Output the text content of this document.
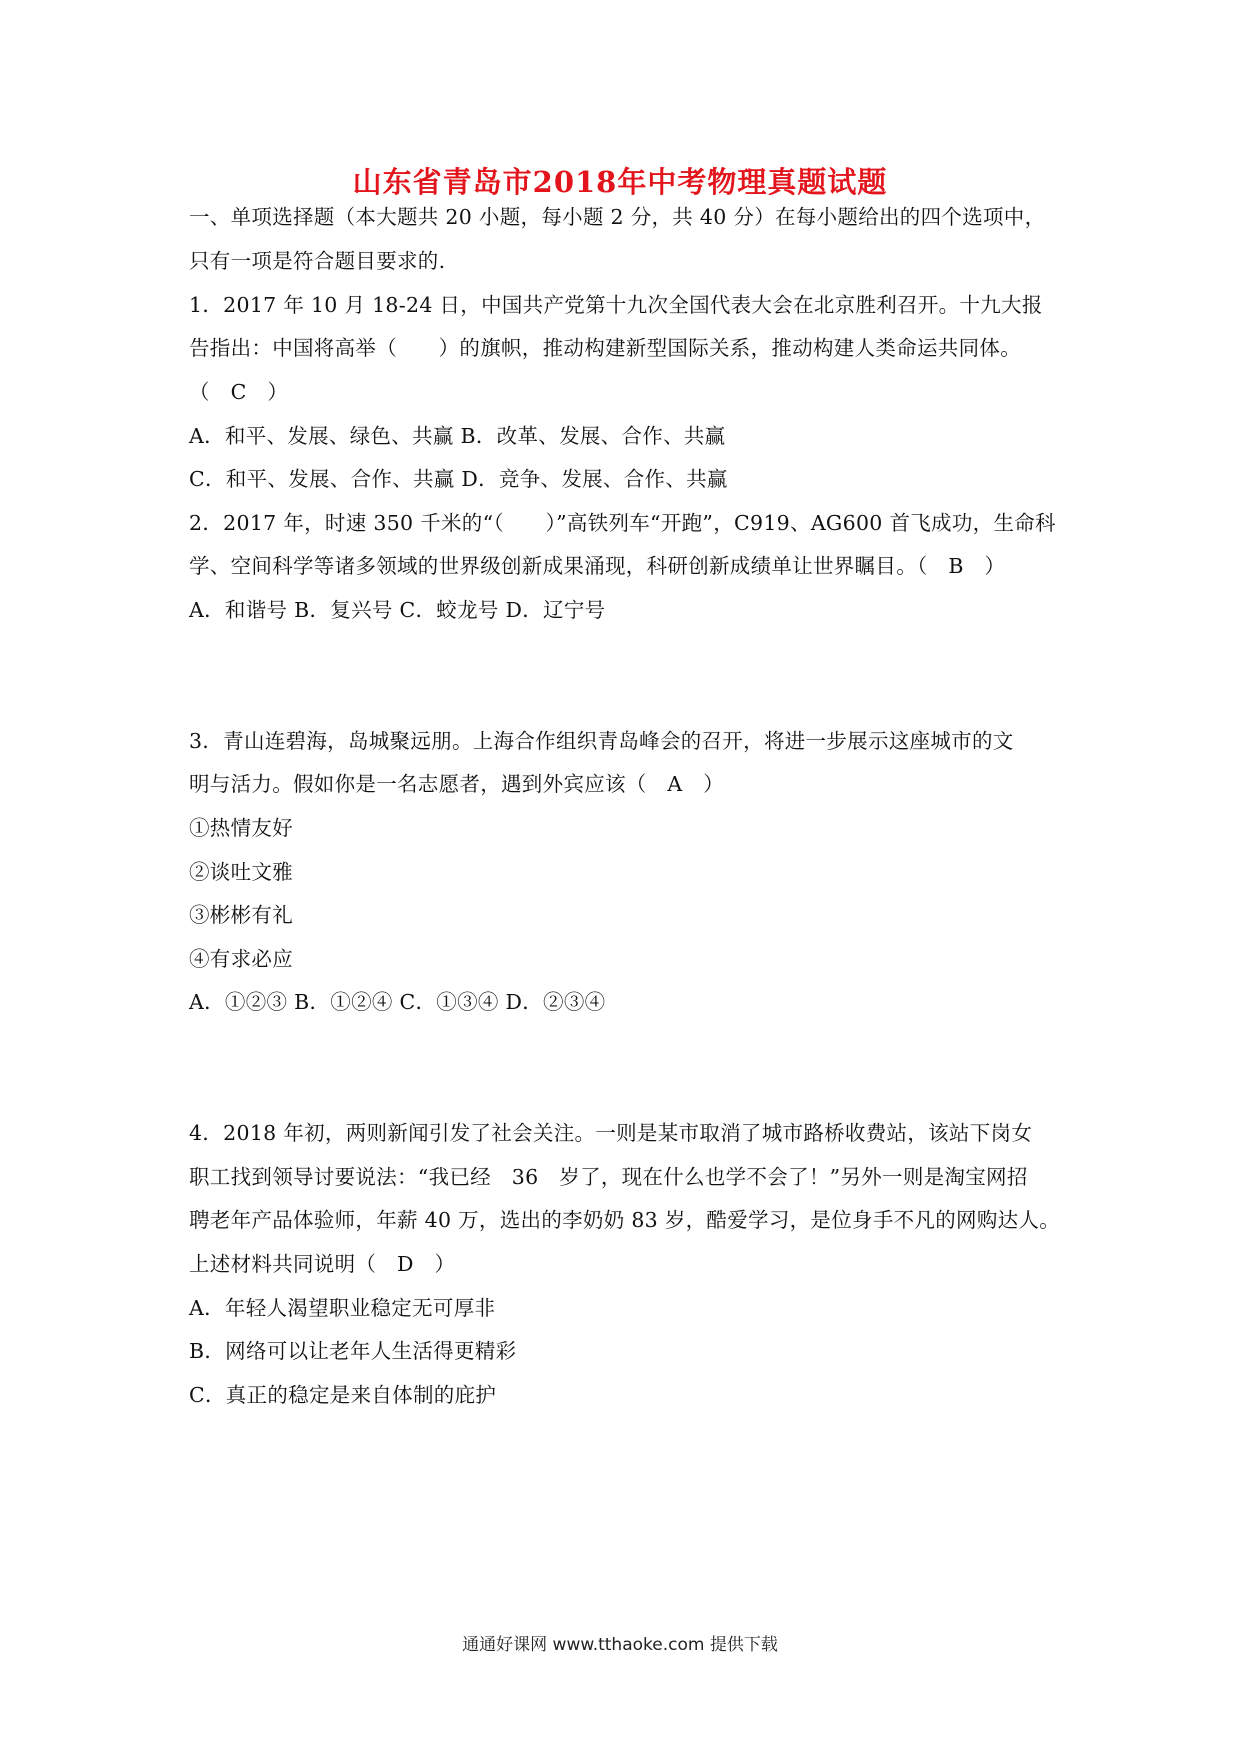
山东省青岛市2018年中考物理真题试题
一、单项选择题（本大题共 20 小题，每小题 2 分，共 40 分）在每小题给出的四个选项中，
只有一项是符合题目要求的.
1．2017 年 10 月 18-24 日，中国共产党第十九次全国代表大会在北京胜利召开。十九大报
告指出：中国将高举（　　）的旗帜，推动构建新型国际关系，推动构建人类命运共同体。
（　C　）
A．和平、发展、绿色、共赢 B．改革、发展、合作、共赢
C．和平、发展、合作、共赢 D．竞争、发展、合作、共赢
2．2017 年，时速 350 千米的“（　　）”高铁列车“开跑”，C919、AG600 首飞成功，生命科
学、空间科学等诸多领域的世界级创新成果涌现，科研创新成绩单让世界瞩目。（　B　）
A．和谐号 B．复兴号 C．蛟龙号 D．辽宁号
3．青山连碧海，岛城聚远朋。上海合作组织青岛峰会的召开，将进一步展示这座城市的文
明与活力。假如你是一名志愿者，遇到外宾应该（　A　）
①热情友好
②谈吐文雅
③彬彬有礼
④有求必应
A．①②③ B．①②④ C．①③④ D．②③④
4．2018 年初，两则新闻引发了社会关注。一则是某市取消了城市路桥收费站，该站下岗女
职工找到领导讨要说法：“我已经　36　岁了，现在什么也学不会了！”另外一则是淘宝网招
聘老年产品体验师，年薪 40 万，选出的李奶奶 83 岁，酷爱学习，是位身手不凡的网购达人。
上述材料共同说明（　D　）
A．年轻人渴望职业稳定无可厚非
B．网络可以让老年人生活得更精彩
C．真正的稳定是来自体制的庇护
通通好课网 www.tthaoke.com 提供下载
